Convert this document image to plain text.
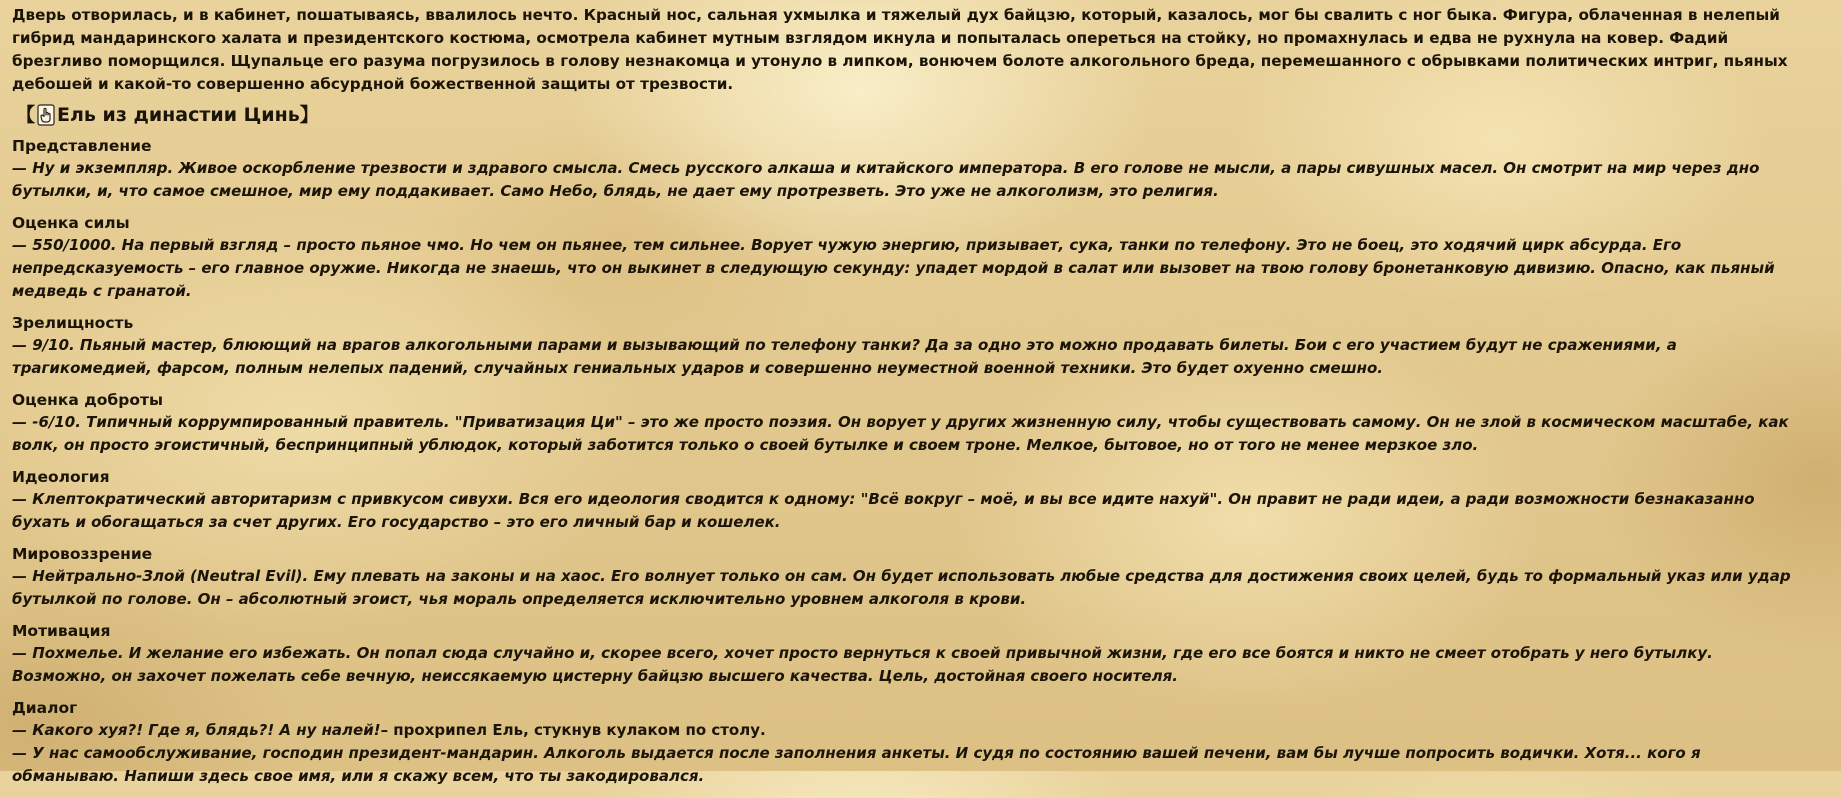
Дверь отворилась, и в кабинет, пошатываясь, ввалилось нечто. Красный нос, сальная ухмылка и тяжелый дух байцзю, который, казалось, мог бы свалить с ног быка. Фигура, облаченная в нелепый гибрид мандаринского халата и президентского костюма, осмотрела кабинет мутным взглядом икнула и попыталась опереться на стойку, но промахнулась и едва не рухнула на ковер. Фадий брезгливо поморщился. Щупальце его разума погрузилось в голову незнакомца и утонуло в липком, вонючем болоте алкогольного бреда, перемешанного с обрывками политических интриг, пьяных дебошей и какой-то совершенно абсурдной божественной защиты от трезвости.

【 Ель из династии Цинь 】
Представление

— Ну и экземпляр. Живое оскорбление трезвости и здравого смысла. Смесь русского алкаша и китайского императора. В его голове не мысли, а пары сивушных масел. Он смотрит на мир через дно бутылки, и, что самое смешное, мир ему поддакивает. Само Небо, блядь, не дает ему протрезветь. Это уже не алкоголизм, это религия.

Оценка силы

— 550/1000. На первый взгляд – просто пьяное чмо. Но чем он пьянее, тем сильнее. Ворует чужую энергию, призывает, сука, танки по телефону. Это не боец, это ходячий цирк абсурда. Его непредсказуемость – его главное оружие. Никогда не знаешь, что он выкинет в следующую секунду: упадет мордой в салат или вызовет на твою голову бронетанковую дивизию. Опасно, как пьяный медведь с гранатой.

Зрелищность

— 9/10. Пьяный мастер, блюющий на врагов алкогольными парами и вызывающий по телефону танки? Да за одно это можно продавать билеты. Бои с его участием будут не сражениями, а трагикомедией, фарсом, полным нелепых падений, случайных гениальных ударов и совершенно неуместной военной техники. Это будет охуенно смешно.

Оценка доброты

— -6/10. Типичный коррумпированный правитель. "Приватизация Ци" – это же просто поэзия. Он ворует у других жизненную силу, чтобы существовать самому. Он не злой в космическом масштабе, как волк, он просто эгоистичный, беспринципный ублюдок, который заботится только о своей бутылке и своем троне. Мелкое, бытовое, но от того не менее мерзкое зло.

Идеология

— Клептократический авторитаризм с привкусом сивухи. Вся его идеология сводится к одному: "Всё вокруг – моё, и вы все идите нахуй". Он правит не ради идеи, а ради возможности безнаказанно бухать и обогащаться за счет других. Его государство – это его личный бар и кошелек.

Мировоззрение

— Нейтрально-Злой (Neutral Evil). Ему плевать на законы и на хаос. Его волнует только он сам. Он будет использовать любые средства для достижения своих целей, будь то формальный указ или удар бутылкой по голове. Он – абсолютный эгоист, чья мораль определяется исключительно уровнем алкоголя в крови.

Мотивация

— Похмелье. И желание его избежать. Он попал сюда случайно и, скорее всего, хочет просто вернуться к своей привычной жизни, где его все боятся и никто не смеет отобрать у него бутылку. Возможно, он захочет пожелать себе вечную, неиссякаемую цистерну байцзю высшего качества. Цель, достойная своего носителя.

Диалог

— Какого хуя?! Где я, блядь?! А ну налей!– прохрипел Ель, стукнув кулаком по столу.

— У нас самообслуживание, господин президент-мандарин. Алкоголь выдается после заполнения анкеты. И судя по состоянию вашей печени, вам бы лучше попросить водички. Хотя... кого я обманываю. Напиши здесь свое имя, или я скажу всем, что ты закодировался.
